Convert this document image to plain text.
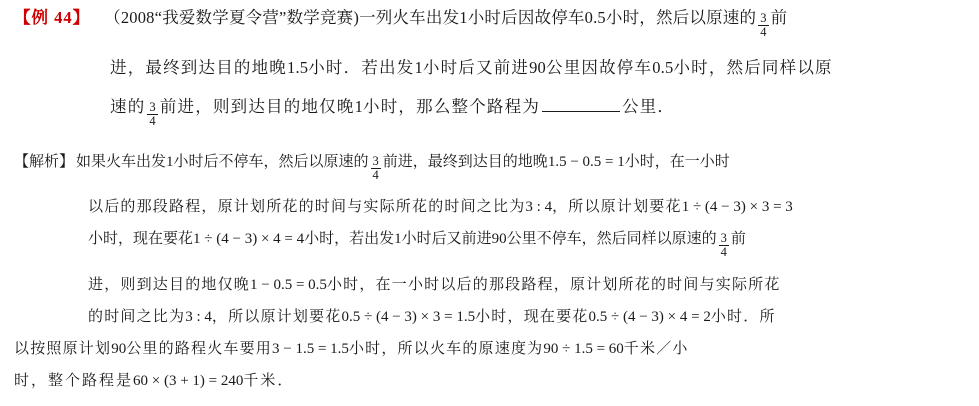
【例 44】 （2008“我爱数学夏令营”数学竞赛)一列火车出发 1 小时后因故停车 0.5 小时，然后以原速的 $\frac{3}{4}$ 前
进，最终到达目的地晚 1.5 小时．若出发 1 小时后又前进 90 公里因故停车 0.5 小时，然后同样以原
速的 $\frac{3}{4}$ 前进，则到达目的地仅晚 1 小时，那么整个路程为	公里．
【解析】 如果火车出发 1 小时后不停车，然后以原速的 $\frac{3}{4}$ 前进，最终到达目的地晚 1.5 − 0.5 = 1 小时，在一小时
以后的那段路程，原计划所花的时间与实际所花的时间之比为 3 : 4 ，所以原计划要花 1 ÷ (4 − 3) × 3 = 3
小时，现在要花 1 ÷ (4 − 3) × 4 = 4 小时，若出发 1 小时后又前进 90 公里不停车，然后同样以原速的 $\frac{3}{4}$ 前
进，则到达目的地仅晚 1 − 0.5 = 0.5 小时，在一小时以后的那段路程，原计划所花的时间与实际所花
的时间之比为 3 : 4 ，所以原计划要花 0.5 ÷ (4 − 3) × 3 = 1.5 小时，现在要花 0.5 ÷ (4 − 3) × 4 = 2 小时．所
以按照原计划 90 公里的路程火车要用 3 − 1.5 = 1.5 小时，所以火车的原速度为 90 ÷ 1.5 = 60 千米／小
时，整个路程是 60 × (3 + 1) = 240 千米．
